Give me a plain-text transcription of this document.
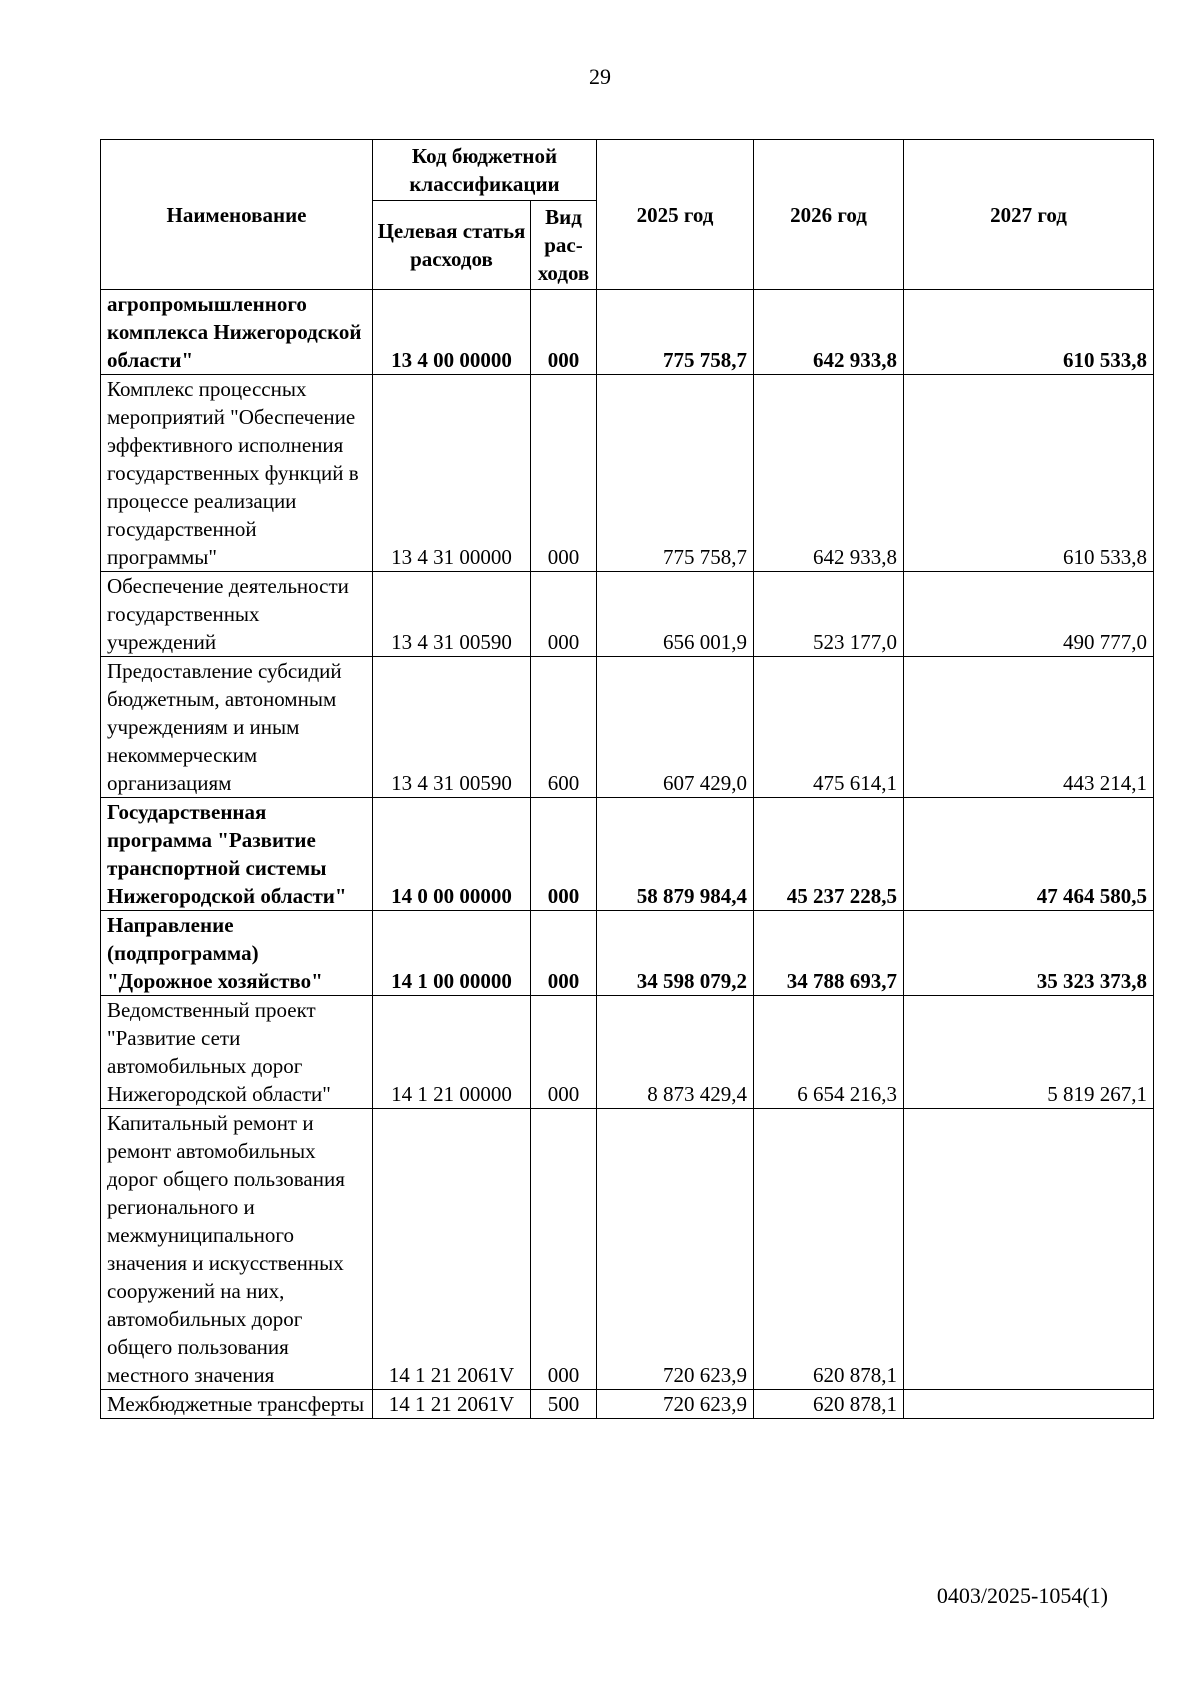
29
Наименование	Код бюджетной классификации		2025 год	2026 год	2027 год
	Целевая статья расходов	Вид рас-ходов			
агропромышленного комплекса Нижегородской области"	13 4 00 00000	000	775 758,7	642 933,8	610 533,8
Комплекс процессных мероприятий "Обеспечение эффективного исполнения государственных функций в процессе реализации государственной программы"	13 4 31 00000	000	775 758,7	642 933,8	610 533,8
Обеспечение деятельности государственных учреждений	13 4 31 00590	000	656 001,9	523 177,0	490 777,0
Предоставление субсидий бюджетным, автономным учреждениям и иным некоммерческим организациям	13 4 31 00590	600	607 429,0	475 614,1	443 214,1
Государственная программа "Развитие транспортной системы Нижегородской области"	14 0 00 00000	000	58 879 984,4	45 237 228,5	47 464 580,5
Направление (подпрограмма) "Дорожное хозяйство"	14 1 00 00000	000	34 598 079,2	34 788 693,7	35 323 373,8
Ведомственный проект "Развитие сети автомобильных дорог Нижегородской области"	14 1 21 00000	000	8 873 429,4	6 654 216,3	5 819 267,1
Капитальный ремонт и ремонт автомобильных дорог общего пользования регионального и межмуниципального значения и искусственных сооружений на них, автомобильных дорог общего пользования местного значения	14 1 21 2061V	000	720 623,9	620 878,1	
Межбюджетные трансферты	14 1 21 2061V	500	720 623,9	620 878,1	
0403/2025-1054(1)
